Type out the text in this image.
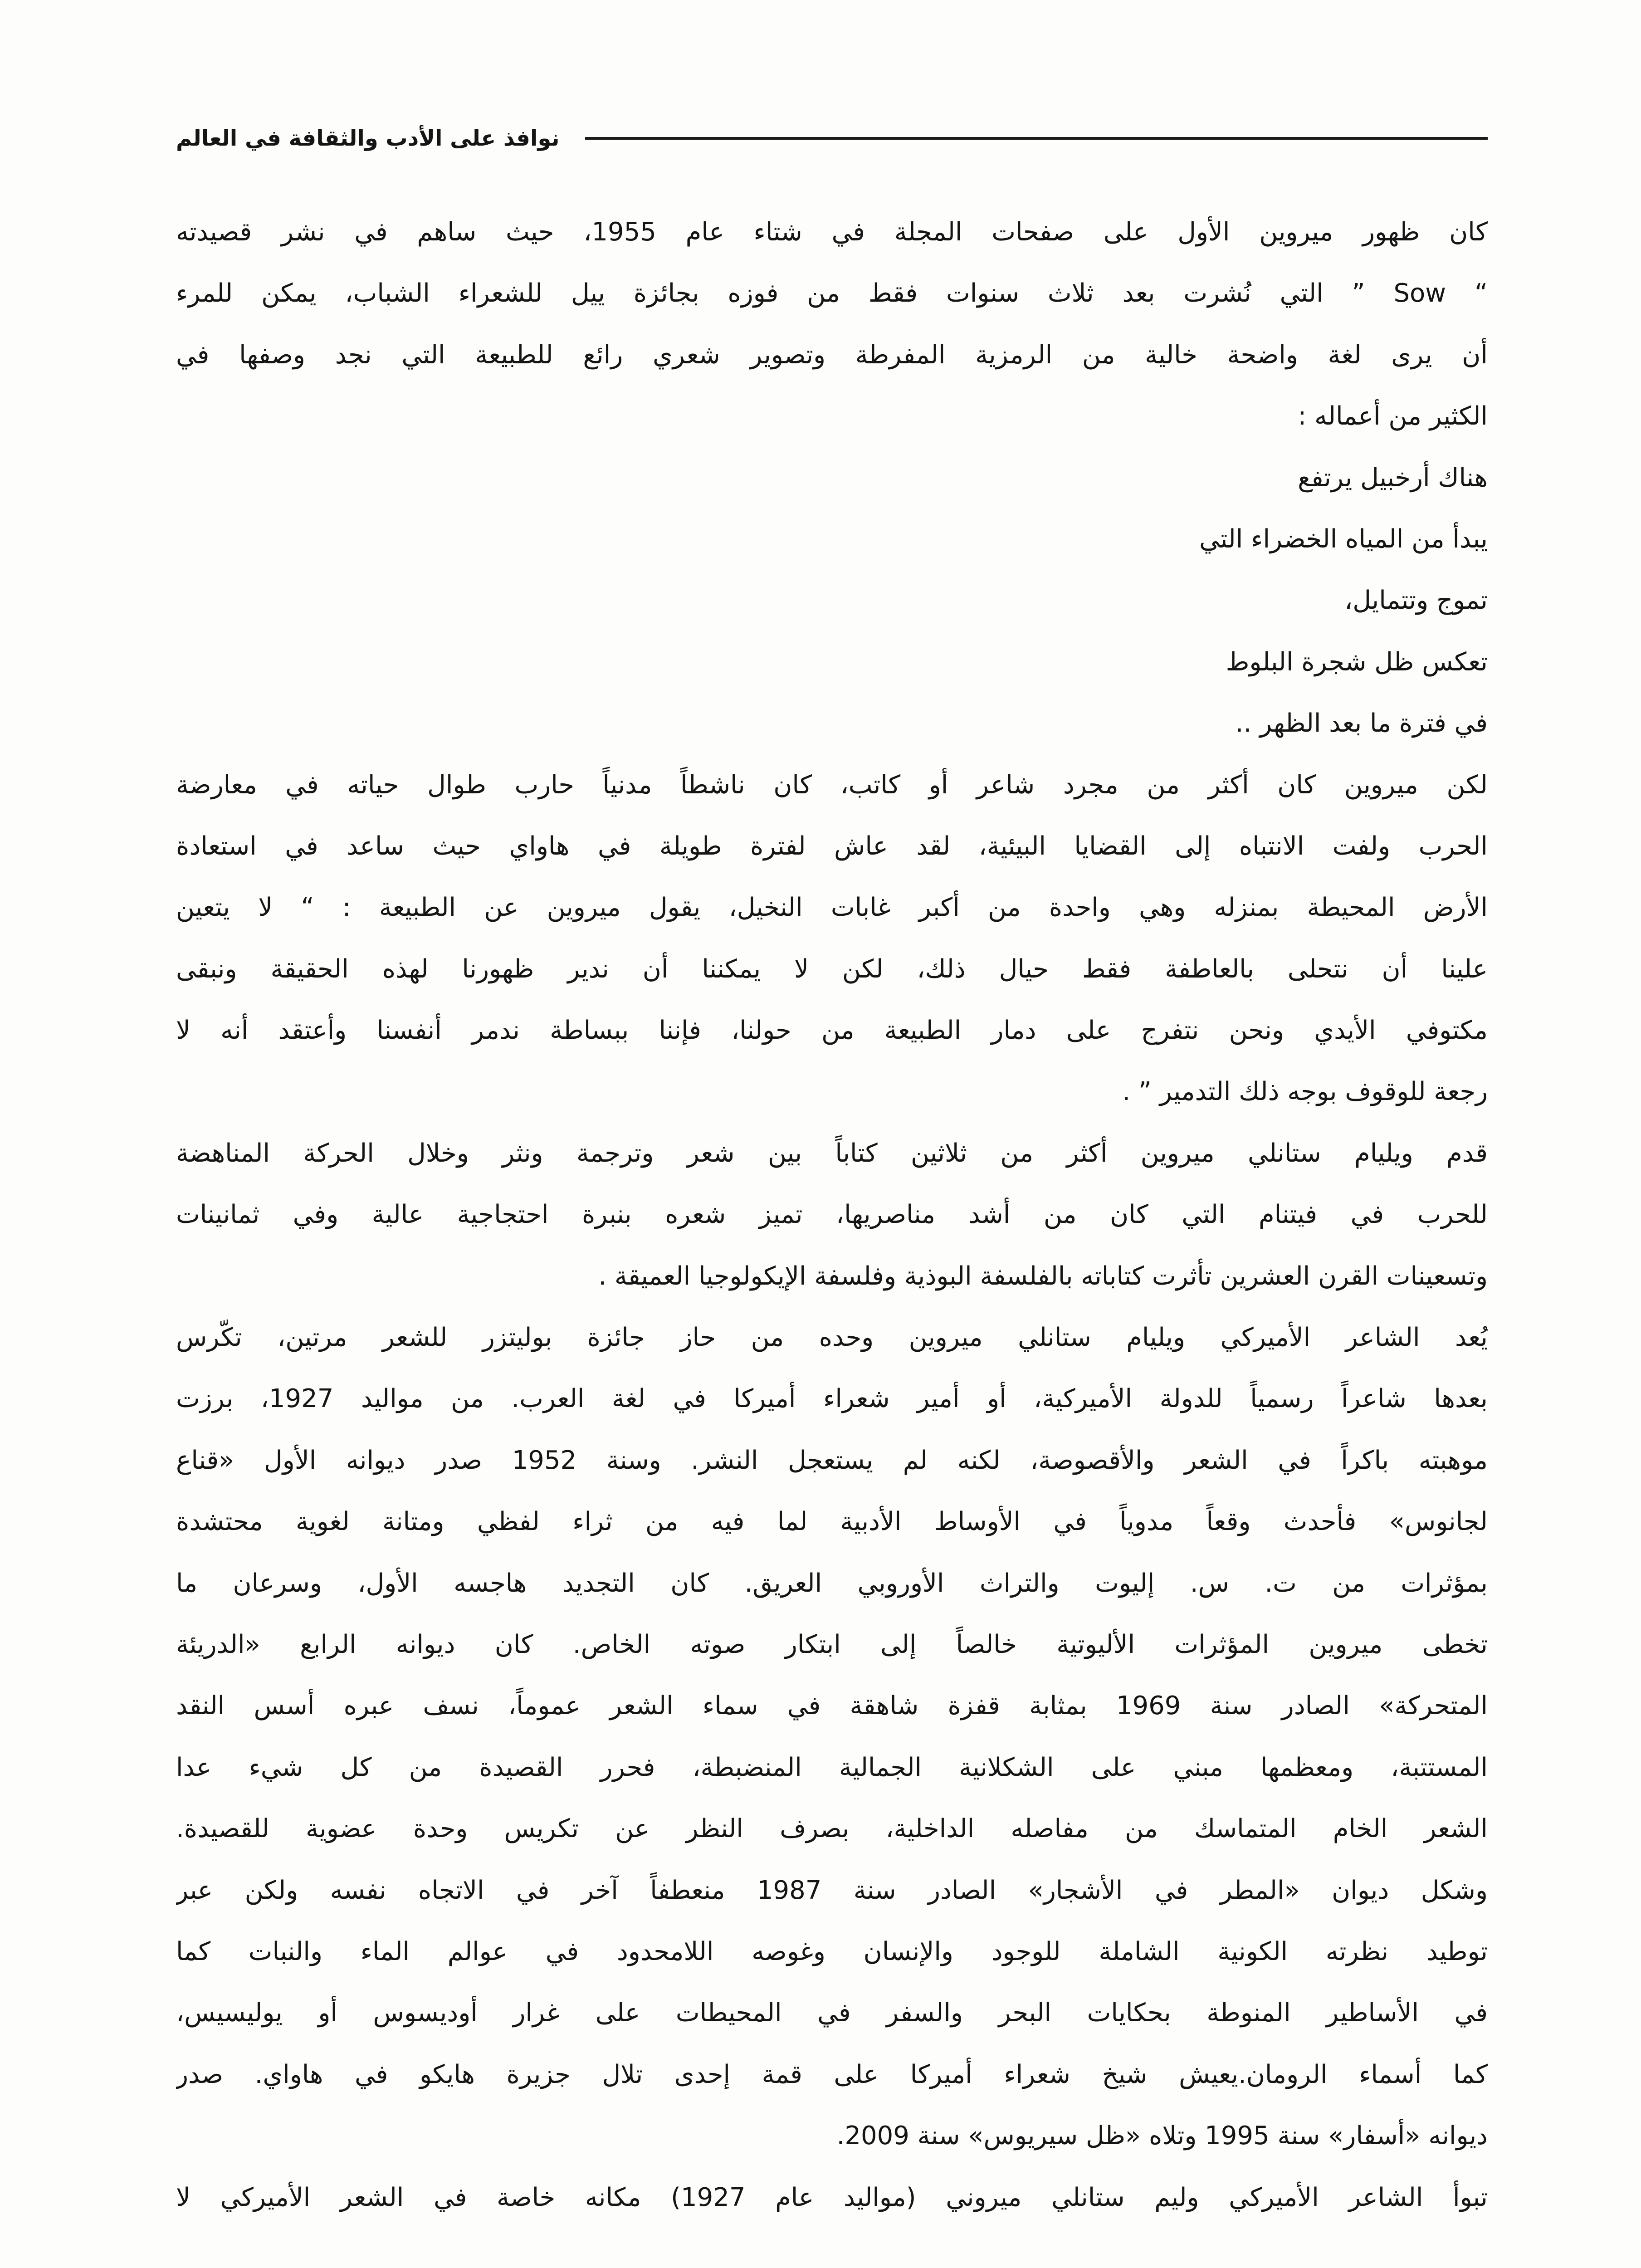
نوافذ على الأدب والثقافة في العالم
كان ظهور ميروين الأول على صفحات المجلة في شتاء عام 1955، حيث ساهم في نشر قصيدته
“ Sow ” التي نُشرت بعد ثلاث سنوات فقط من فوزه بجائزة ييل للشعراء الشباب، يمكن للمرء
أن يرى لغة واضحة خالية من الرمزية المفرطة وتصوير شعري رائع للطبيعة التي نجد وصفها في
الكثير من أعماله :
هناك أرخبيل يرتفع
يبدأ من المياه الخضراء التي
تموج وتتمايل،
تعكس ظل شجرة البلوط
في فترة ما بعد الظهر ..
لكن ميروين كان أكثر من مجرد شاعر أو كاتب، كان ناشطاً مدنياً حارب طوال حياته في معارضة
الحرب ولفت الانتباه إلى القضايا البيئية، لقد عاش لفترة طويلة في هاواي حيث ساعد في استعادة
الأرض المحيطة بمنزله وهي واحدة من أكبر غابات النخيل، يقول ميروين عن الطبيعة : “ لا يتعين
علينا أن نتحلى بالعاطفة فقط حيال ذلك، لكن لا يمكننا أن ندير ظهورنا لهذه الحقيقة ونبقى
مكتوفي الأيدي ونحن نتفرج على دمار الطبيعة من حولنا، فإننا ببساطة ندمر أنفسنا وأعتقد أنه لا
رجعة للوقوف بوجه ذلك التدمير ” .
قدم ويليام ستانلي ميروين أكثر من ثلاثين كتاباً بين شعر وترجمة ونثر وخلال الحركة المناهضة
للحرب في فيتنام التي كان من أشد مناصريها، تميز شعره بنبرة احتجاجية عالية وفي ثمانينات
وتسعينات القرن العشرين تأثرت كتاباته بالفلسفة البوذية وفلسفة الإيكولوجيا العميقة .
يُعد الشاعر الأميركي ويليام ستانلي ميروين وحده من حاز جائزة بوليتزر للشعر مرتين، تكّرس
بعدها شاعراً رسمياً للدولة الأميركية، أو أمير شعراء أميركا في لغة العرب. من مواليد 1927، برزت
موهبته باكراً في الشعر والأقصوصة، لكنه لم يستعجل النشر. وسنة 1952 صدر ديوانه الأول «قناع
لجانوس» فأحدث وقعاً مدوياً في الأوساط الأدبية لما فيه من ثراء لفظي ومتانة لغوية محتشدة
بمؤثرات من ت. س. إليوت والتراث الأوروبي العريق. كان التجديد هاجسه الأول، وسرعان ما
تخطى ميروين المؤثرات الأليوتية خالصاً إلى ابتكار صوته الخاص. كان ديوانه الرابع «الدريئة
المتحركة» الصادر سنة 1969 بمثابة قفزة شاهقة في سماء الشعر عموماً، نسف عبره أسس النقد
المستتبة، ومعظمها مبني على الشكلانية الجمالية المنضبطة، فحرر القصيدة من كل شيء عدا
الشعر الخام المتماسك من مفاصله الداخلية، بصرف النظر عن تكريس وحدة عضوية للقصيدة.
وشكل ديوان «المطر في الأشجار» الصادر سنة 1987 منعطفاً آخر في الاتجاه نفسه ولكن عبر
توطيد نظرته الكونية الشاملة للوجود والإنسان وغوصه اللامحدود في عوالم الماء والنبات كما
في الأساطير المنوطة بحكايات البحر والسفر في المحيطات على غرار أوديسوس أو يوليسيس،
كما أسماء الرومان.يعيش شيخ شعراء أميركا على قمة إحدى تلال جزيرة هايكو في هاواي. صدر
ديوانه «أسفار» سنة 1995 وتلاه «ظل سيريوس» سنة 2009.
تبوأ الشاعر الأميركي وليم ستانلي ميروني (مواليد عام 1927) مكانه خاصة في الشعر الأميركي لا
